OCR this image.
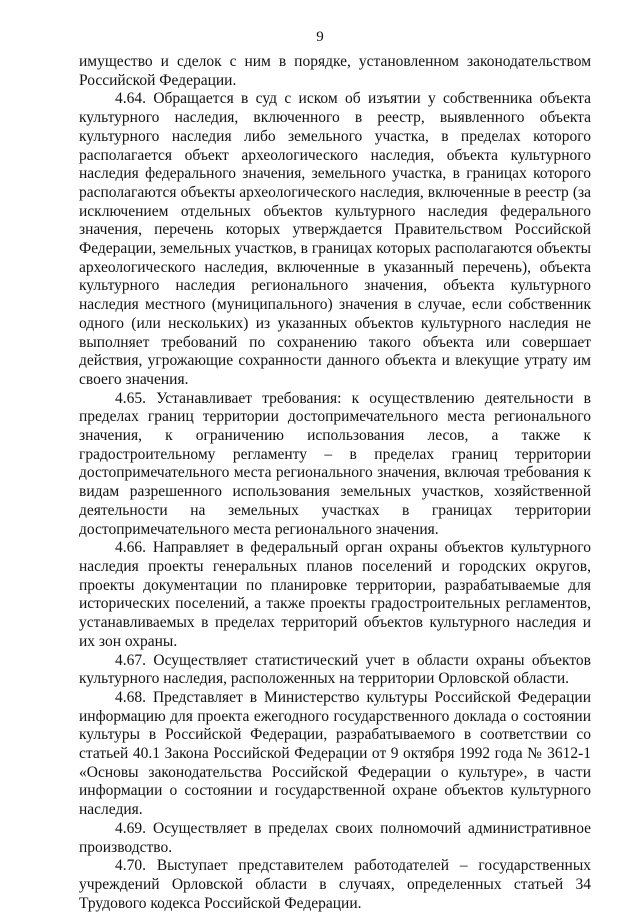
9

имущество и сделок с ним в порядке, установленном законодательством Российской Федерации.

4.64. Обращается в суд с иском об изъятии у собственника объекта культурного наследия, включенного в реестр, выявленного объекта культурного наследия либо земельного участка, в пределах которого располагается объект археологического наследия, объекта культурного наследия федерального значения, земельного участка, в границах которого располагаются объекты археологического наследия, включенные в реестр (за исключением отдельных объектов культурного наследия федерального значения, перечень которых утверждается Правительством Российской Федерации, земельных участков, в границах которых располагаются объекты археологического наследия, включенные в указанный перечень), объекта культурного наследия регионального значения, объекта культурного наследия местного (муниципального) значения в случае, если собственник одного (или нескольких) из указанных объектов культурного наследия не выполняет требований по сохранению такого объекта или совершает действия, угрожающие сохранности данного объекта и влекущие утрату им своего значения.

4.65. Устанавливает требования: к осуществлению деятельности в пределах границ территории достопримечательного места регионального значения, к ограничению использования лесов, а также к градостроительному регламенту – в пределах границ территории достопримечательного места регионального значения, включая требования к видам разрешенного использования земельных участков, хозяйственной деятельности на земельных участках в границах территории достопримечательного места регионального значения.

4.66. Направляет в федеральный орган охраны объектов культурного наследия проекты генеральных планов поселений и городских округов, проекты документации по планировке территории, разрабатываемые для исторических поселений, а также проекты градостроительных регламентов, устанавливаемых в пределах территорий объектов культурного наследия и их зон охраны.

4.67. Осуществляет статистический учет в области охраны объектов культурного наследия, расположенных на территории Орловской области.

4.68. Представляет в Министерство культуры Российской Федерации информацию для проекта ежегодного государственного доклада о состоянии культуры в Российской Федерации, разрабатываемого в соответствии со статьей 40.1 Закона Российской Федерации от 9 октября 1992 года № 3612-1 «Основы законодательства Российской Федерации о культуре», в части информации о состоянии и государственной охране объектов культурного наследия.

4.69. Осуществляет в пределах своих полномочий административное производство.

4.70. Выступает представителем работодателей – государственных учреждений Орловской области в случаях, определенных статьей 34 Трудового кодекса Российской Федерации.
